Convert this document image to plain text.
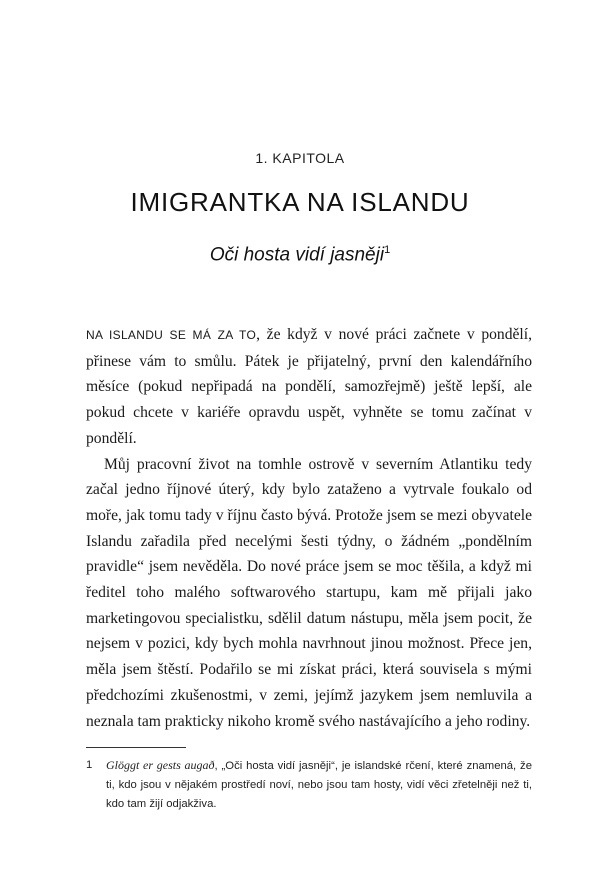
1. KAPITOLA
IMIGRANTKA NA ISLANDU
Oči hosta vidí jasněji$^1$

NA ISLANDU SE MÁ ZA TO, že když v nové práci začnete v pondělí, přinese vám to smůlu. Pátek je přijatelný, první den kalendářního měsíce (pokud nepřipadá na pondělí, samozřejmě) ještě lepší, ale pokud chcete v kariéře opravdu uspět, vyhněte se tomu začínat v pondělí.

Můj pracovní život na tomhle ostrově v severním Atlantiku tedy začal jedno říjnové úterý, kdy bylo zataženo a vytrvale foukalo od moře, jak tomu tady v říjnu často bývá. Protože jsem se mezi obyvatele Islandu zařadila před necelými šesti týdny, o žádném „pondělním pravidle“ jsem nevěděla. Do nové práce jsem se moc těšila, a když mi ředitel toho malého softwarového startupu, kam mě přijali jako marketingovou specialistku, sdělil datum nástupu, měla jsem pocit, že nejsem v pozici, kdy bych mohla navrhnout jinou možnost. Přece jen, měla jsem štěstí. Podařilo se mi získat práci, která souvisela s mými předchozími zkušenostmi, v zemi, jejímž jazykem jsem nemluvila a neznala tam prakticky nikoho kromě svého nastávajícího a jeho rodiny.

1 Glöggt er gests augað, „Oči hosta vidí jasněji“, je islandské rčení, které znamená, že ti, kdo jsou v nějakém prostředí noví, nebo jsou tam hosty, vidí věci zřetelněji než ti, kdo tam žijí odjakživa.
